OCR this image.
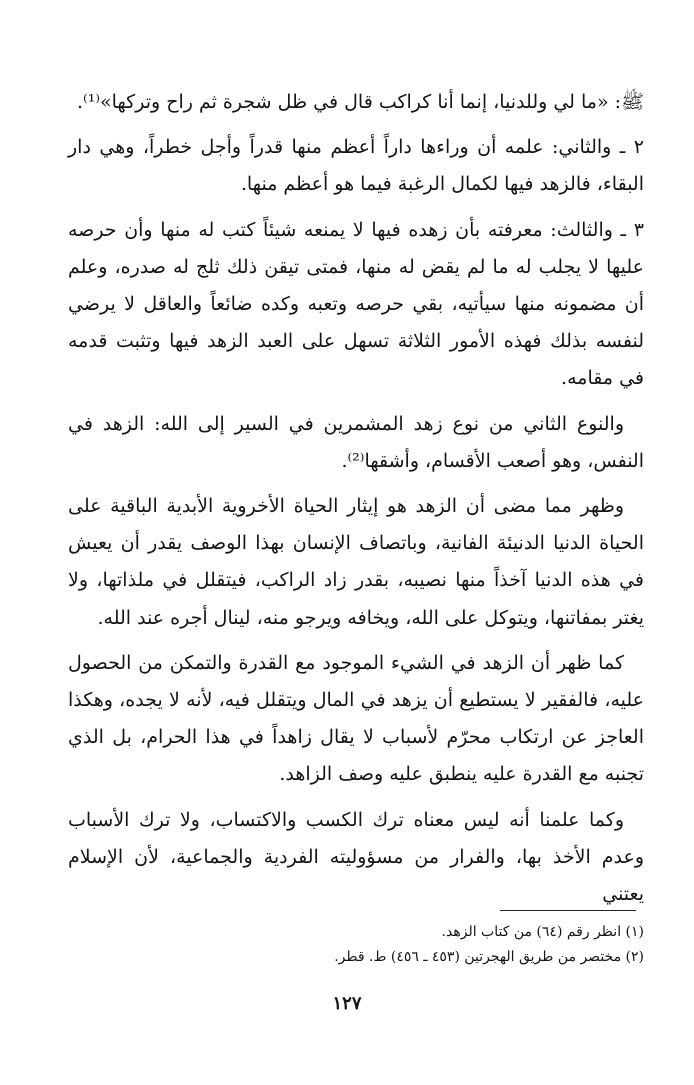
ﷺ: «ما لي وللدنيا، إنما أنا كراكب قال في ظل شجرة ثم راح وتركها»⁽¹⁾.

٢ ـ والثاني: علمه أن وراءها داراً أعظم منها قدراً وأجل خطراً، وهي دار البقاء، فالزهد فيها لكمال الرغبة فيما هو أعظم منها.

٣ ـ والثالث: معرفته بأن زهده فيها لا يمنعه شيئاً كتب له منها وأن حرصه عليها لا يجلب له ما لم يقض له منها، فمتى تيقن ذلك ثلج له صدره، وعلم أن مضمونه منها سيأتيه، بقي حرصه وتعبه وكده ضائعاً والعاقل لا يرضي لنفسه بذلك فهذه الأمور الثلاثة تسهل على العبد الزهد فيها وتثبت قدمه في مقامه.

والنوع الثاني من نوع زهد المشمرين في السير إلى الله: الزهد في النفس، وهو أصعب الأقسام، وأشقها⁽²⁾.

وظهر مما مضى أن الزهد هو إيثار الحياة الأخروية الأبدية الباقية على الحياة الدنيا الدنيئة الفانية، وباتصاف الإنسان بهذا الوصف يقدر أن يعيش في هذه الدنيا آخذاً منها نصيبه، بقدر زاد الراكب، فيتقلل في ملذاتها، ولا يغتر بمفاتنها، ويتوكل على الله، ويخافه ويرجو منه، لينال أجره عند الله.

كما ظهر أن الزهد في الشيء الموجود مع القدرة والتمكن من الحصول عليه، فالفقير لا يستطيع أن يزهد في المال ويتقلل فيه، لأنه لا يجده، وهكذا العاجز عن ارتكاب محرّم لأسباب لا يقال زاهداً في هذا الحرام، بل الذي تجنبه مع القدرة عليه ينطبق عليه وصف الزاهد.

وكما علمنا أنه ليس معناه ترك الكسب والاكتساب، ولا ترك الأسباب وعدم الأخذ بها، والفرار من مسؤوليته الفردية والجماعية، لأن الإسلام يعتني

(١) انظر رقم (٦٤) من كتاب الزهد.

(٢) مختصر من طريق الهجرتين (٤٥٣ ـ ٤٥٦) ط. قطر.

١٢٧
